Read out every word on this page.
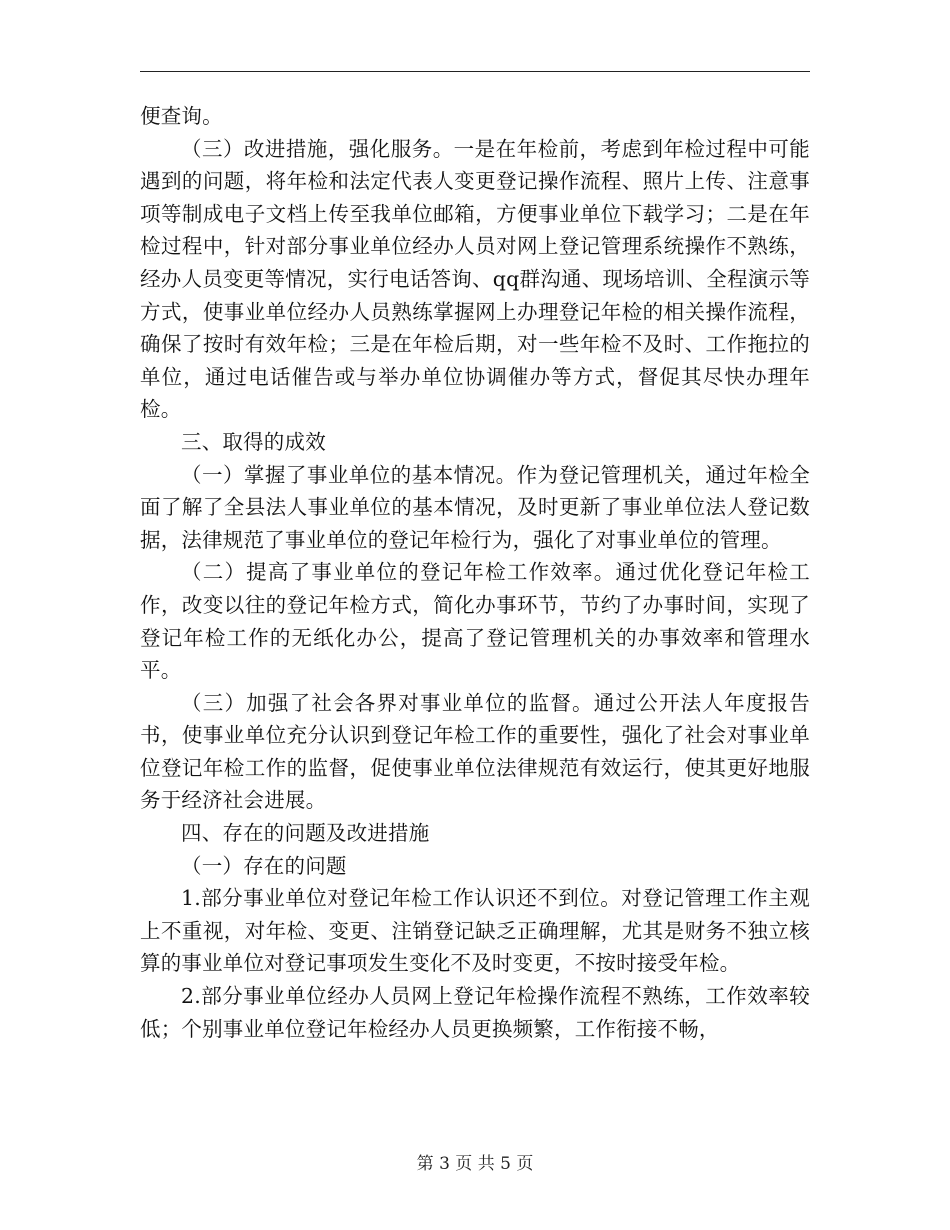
便查询。

（三）改进措施，强化服务。一是在年检前，考虑到年检过程中可能遇到的问题，将年检和法定代表人变更登记操作流程、照片上传、注意事项等制成电子文档上传至我单位邮箱，方便事业单位下载学习；二是在年检过程中，针对部分事业单位经办人员对网上登记管理系统操作不熟练，经办人员变更等情况，实行电话答询、qq群沟通、现场培训、全程演示等方式，使事业单位经办人员熟练掌握网上办理登记年检的相关操作流程，确保了按时有效年检；三是在年检后期，对一些年检不及时、工作拖拉的单位，通过电话催告或与举办单位协调催办等方式，督促其尽快办理年检。

三、取得的成效

（一）掌握了事业单位的基本情况。作为登记管理机关，通过年检全面了解了全县法人事业单位的基本情况，及时更新了事业单位法人登记数据，法律规范了事业单位的登记年检行为，强化了对事业单位的管理。

（二）提高了事业单位的登记年检工作效率。通过优化登记年检工作，改变以往的登记年检方式，简化办事环节，节约了办事时间，实现了登记年检工作的无纸化办公，提高了登记管理机关的办事效率和管理水平。

（三）加强了社会各界对事业单位的监督。通过公开法人年度报告书，使事业单位充分认识到登记年检工作的重要性，强化了社会对事业单位登记年检工作的监督，促使事业单位法律规范有效运行，使其更好地服务于经济社会进展。

四、存在的问题及改进措施

（一）存在的问题

1.部分事业单位对登记年检工作认识还不到位。对登记管理工作主观上不重视，对年检、变更、注销登记缺乏正确理解，尤其是财务不独立核算的事业单位对登记事项发生变化不及时变更，不按时接受年检。

2.部分事业单位经办人员网上登记年检操作流程不熟练，工作效率较低；个别事业单位登记年检经办人员更换频繁，工作衔接不畅，

第 3 页 共 5 页
